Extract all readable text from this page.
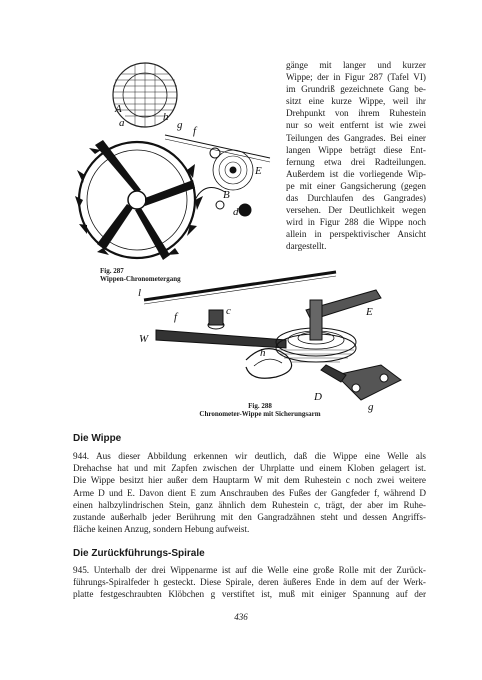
A
a	h
g f
E
d
B
Fig. 287
Wippen-Chronometergang
gänge mit langer und kurzer
Wippe; der in Figur 287 (Tafel VI)
im Grundriß gezeichnete Gang be-
sitzt eine kurze Wippe, weil ihr
Drehpunkt von ihrem Ruhestein
nur so weit entfernt ist wie zwei
Teilungen des Gangrades. Bei einer
langen Wippe beträgt diese Ent-
fernung etwa drei Radteilungen.
Außerdem ist die vorliegende Wip-
pe mit einer Gangsicherung (gegen
das Durchlaufen des Gangrades)
versehen. Der Deutlichkeit wegen
wird in Figur 288 die Wippe noch
allein in perspektivischer Ansicht
dargestellt.
l
f	c
W
E
h
D
g
Fig. 288
Chronometer-Wippe mit Sicherungsarm
Die Wippe
944. Aus dieser Abbildung erkennen wir deutlich, daß die Wippe eine Welle als
Drehachse hat und mit Zapfen zwischen der Uhrplatte und einem Kloben gelagert ist.
Die Wippe besitzt hier außer dem Hauptarm W mit dem Ruhestein c noch zwei weitere
Arme D und E. Davon dient E zum Anschrauben des Fußes der Gangfeder f, während D
einen halbzylindrischen Stein, ganz ähnlich dem Ruhestein c, trägt, der aber im Ruhe-
zustande außerhalb jeder Berührung mit den Gangradzähnen steht und dessen Angriffs-
fläche keinen Anzug, sondern Hebung aufweist.
Die Zurückführungs-Spirale
945. Unterhalb der drei Wippenarme ist auf die Welle eine große Rolle mit der Zurück-
führungs-Spiralfeder h gesteckt. Diese Spirale, deren äußeres Ende in dem auf der Werk-
platte festgeschraubten Klöbchen g verstiftet ist, muß mit einiger Spannung auf der
436
